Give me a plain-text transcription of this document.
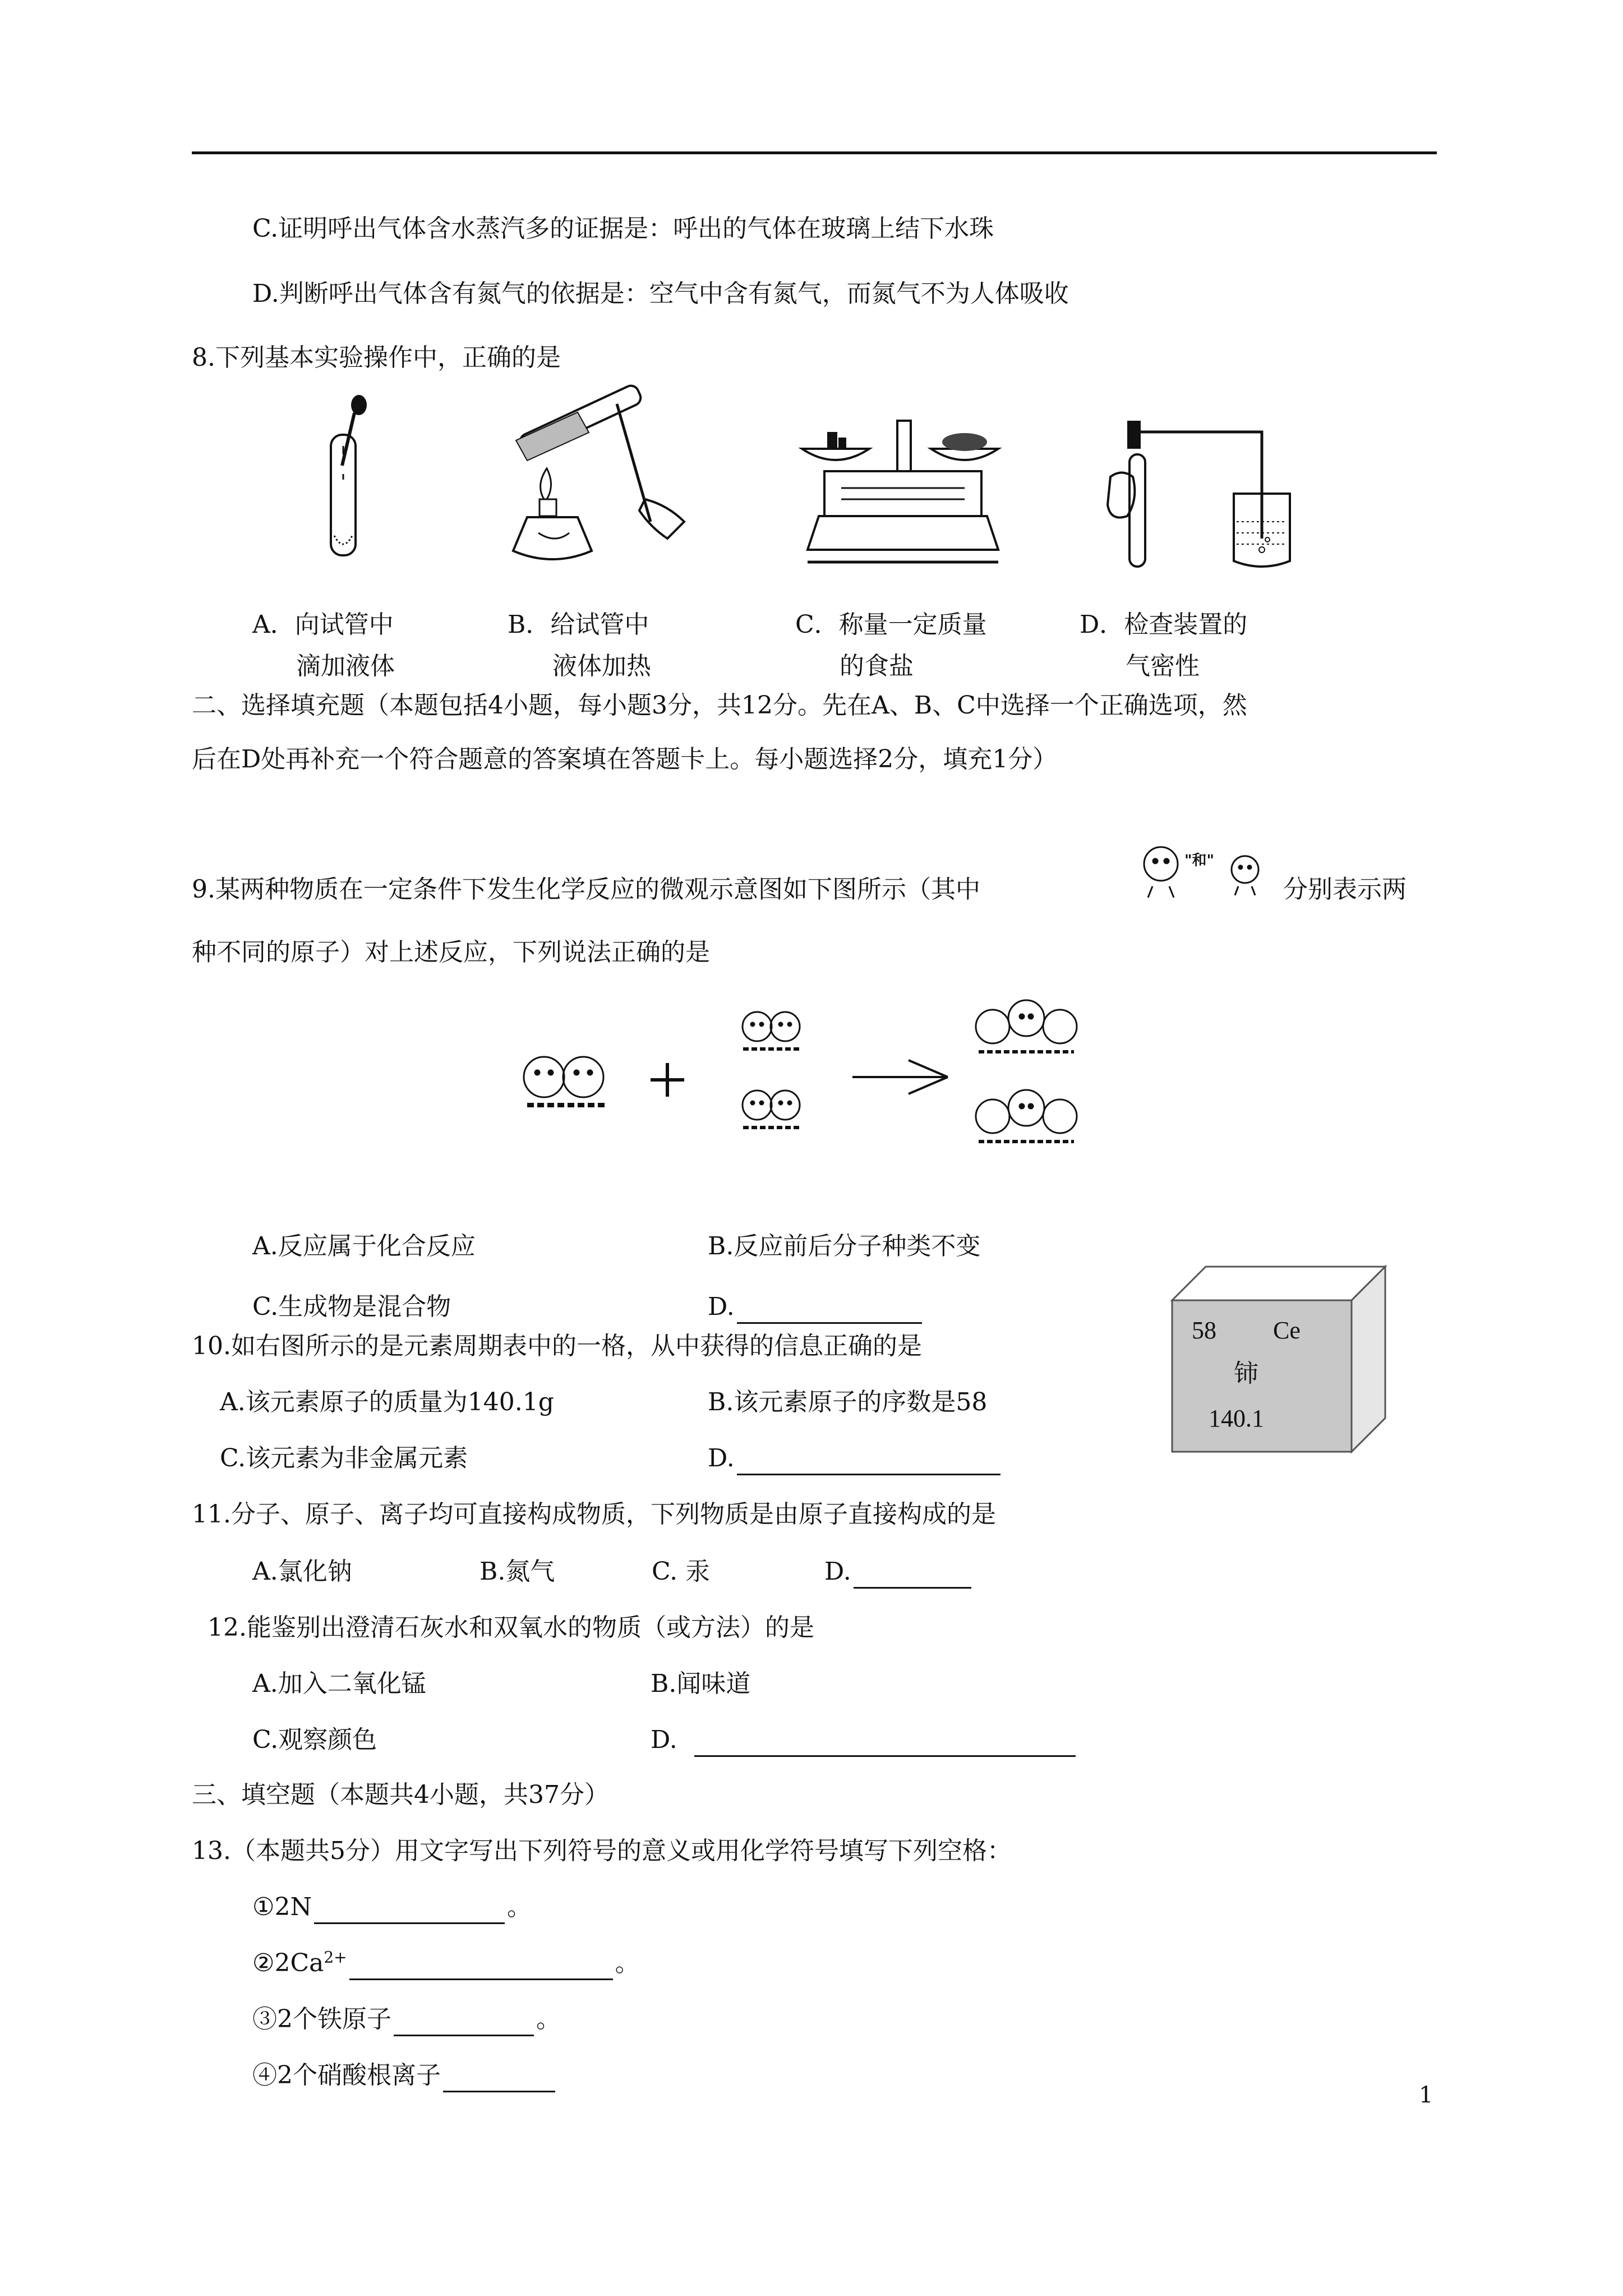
C.证明呼出气体含水蒸汽多的证据是：呼出的气体在玻璃上结下水珠
D.判断呼出气体含有氮气的依据是：空气中含有氮气，而氮气不为人体吸收
8.下列基本实验操作中，正确的是
A．向试管中
滴加液体
B．给试管中
液体加热
C．称量一定质量
的食盐
D．检查装置的
气密性
二、选择填充题（本题包括4小题，每小题3分，共12分。先在A、B、C中选择一个正确选项，然
后在D处再补充一个符合题意的答案填在答题卡上。每小题选择2分，填充1分）
9.某两种物质在一定条件下发生化学反应的微观示意图如下图所示（其中
"和"
分别表示两
种不同的原子）对上述反应，下列说法正确的是
A.反应属于化合反应	B.反应前后分子种类不变
C.生成物是混合物	D.
58 Ce
铈
140.1
10.如右图所示的是元素周期表中的一格，从中获得的信息正确的是
A.该元素原子的质量为140.1g	B.该元素原子的序数是58
C.该元素为非金属元素	D.
11.分子、原子、离子均可直接构成物质，下列物质是由原子直接构成的是
A.氯化钠	B.氮气	C. 汞	D.
12.能鉴别出澄清石灰水和双氧水的物质（或方法）的是
A.加入二氧化锰	B.闻味道
C.观察颜色	D.
三、填空题（本题共4小题，共37分）
13.（本题共5分）用文字写出下列符号的意义或用化学符号填写下列空格：
①2N	。
$②2Ca^{2+}$	。
③2个铁原子	。
④2个硝酸根离子
1
